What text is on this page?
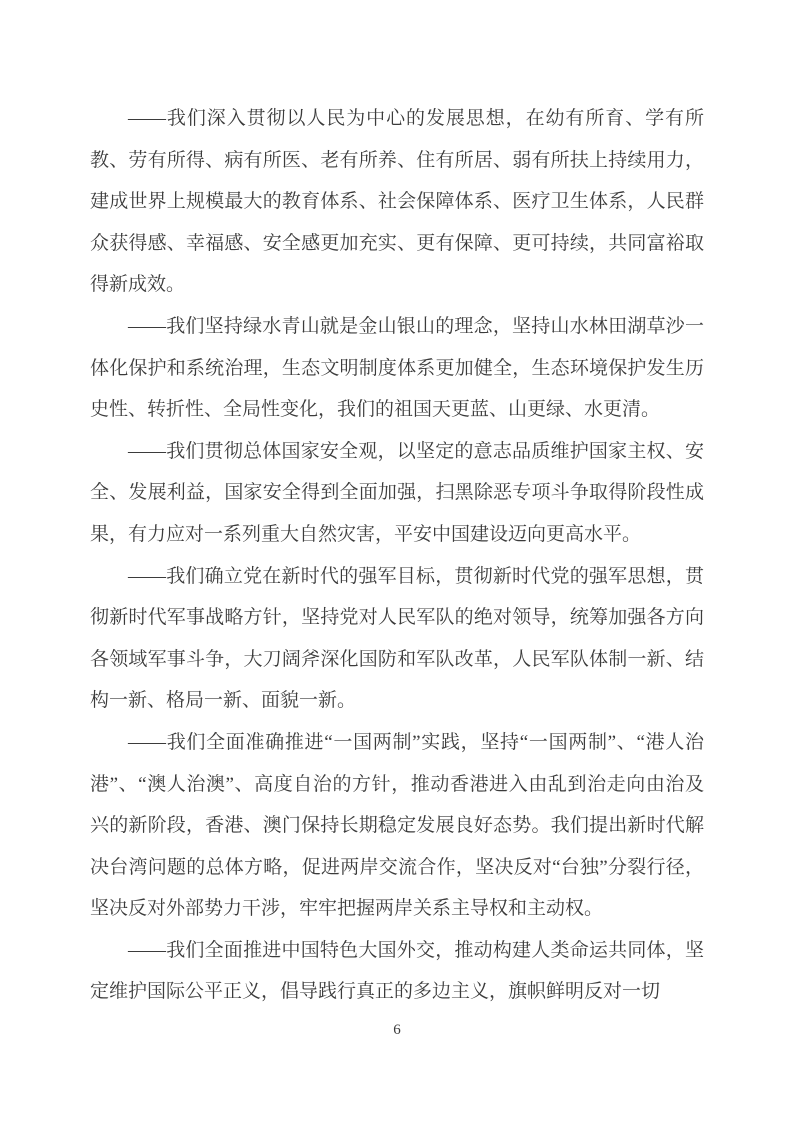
——我们深入贯彻以人民为中心的发展思想，在幼有所育、学有所教、劳有所得、病有所医、老有所养、住有所居、弱有所扶上持续用力，建成世界上规模最大的教育体系、社会保障体系、医疗卫生体系，人民群众获得感、幸福感、安全感更加充实、更有保障、更可持续，共同富裕取得新成效。

——我们坚持绿水青山就是金山银山的理念，坚持山水林田湖草沙一体化保护和系统治理，生态文明制度体系更加健全，生态环境保护发生历史性、转折性、全局性变化，我们的祖国天更蓝、山更绿、水更清。

——我们贯彻总体国家安全观，以坚定的意志品质维护国家主权、安全、发展利益，国家安全得到全面加强，扫黑除恶专项斗争取得阶段性成果，有力应对一系列重大自然灾害，平安中国建设迈向更高水平。

——我们确立党在新时代的强军目标，贯彻新时代党的强军思想，贯彻新时代军事战略方针，坚持党对人民军队的绝对领导，统筹加强各方向各领域军事斗争，大刀阔斧深化国防和军队改革，人民军队体制一新、结构一新、格局一新、面貌一新。

——我们全面准确推进“一国两制”实践，坚持“一国两制”、“港人治港”、“澳人治澳”、高度自治的方针，推动香港进入由乱到治走向由治及兴的新阶段，香港、澳门保持长期稳定发展良好态势。我们提出新时代解决台湾问题的总体方略，促进两岸交流合作，坚决反对“台独”分裂行径，坚决反对外部势力干涉，牢牢把握两岸关系主导权和主动权。

——我们全面推进中国特色大国外交，推动构建人类命运共同体，坚定维护国际公平正义，倡导践行真正的多边主义，旗帜鲜明反对一切

6
